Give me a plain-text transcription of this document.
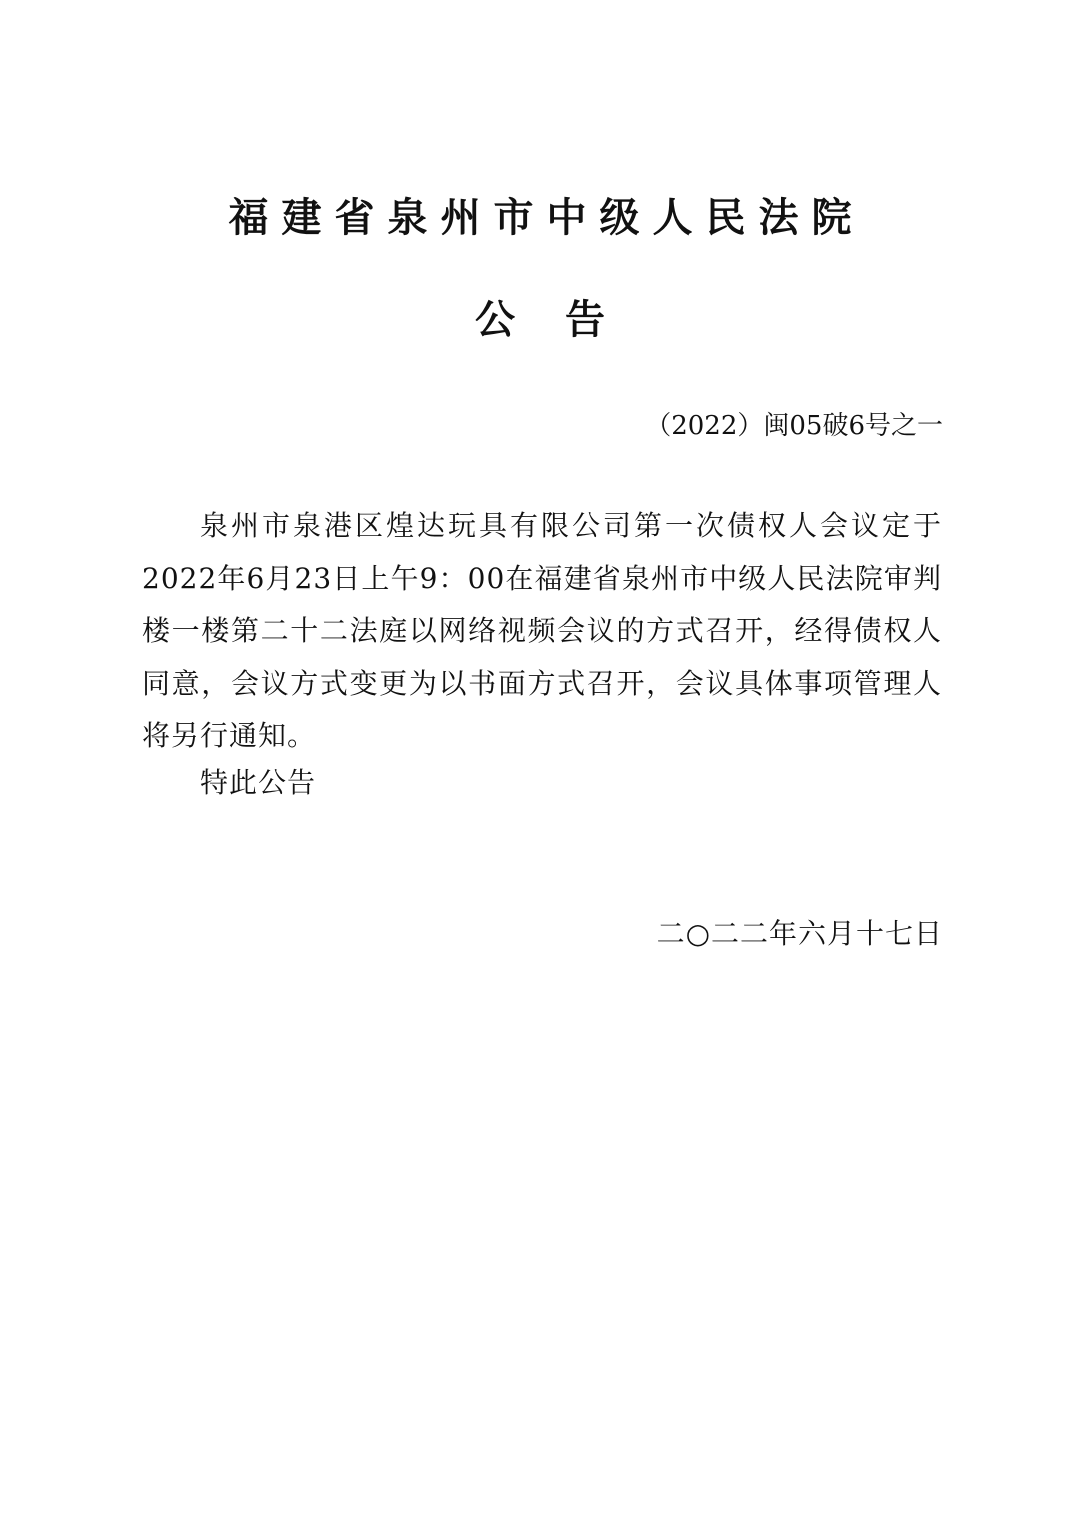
福建省泉州市中级人民法院
公告
（2022）闽05破6号之一

泉州市泉港区煌达玩具有限公司第一次债权人会议定于2022年6月23日上午9：00在福建省泉州市中级人民法院审判楼一楼第二十二法庭以网络视频会议的方式召开，经得债权人同意，会议方式变更为以书面方式召开，会议具体事项管理人将另行通知。

特此公告
二○二二年六月十七日
